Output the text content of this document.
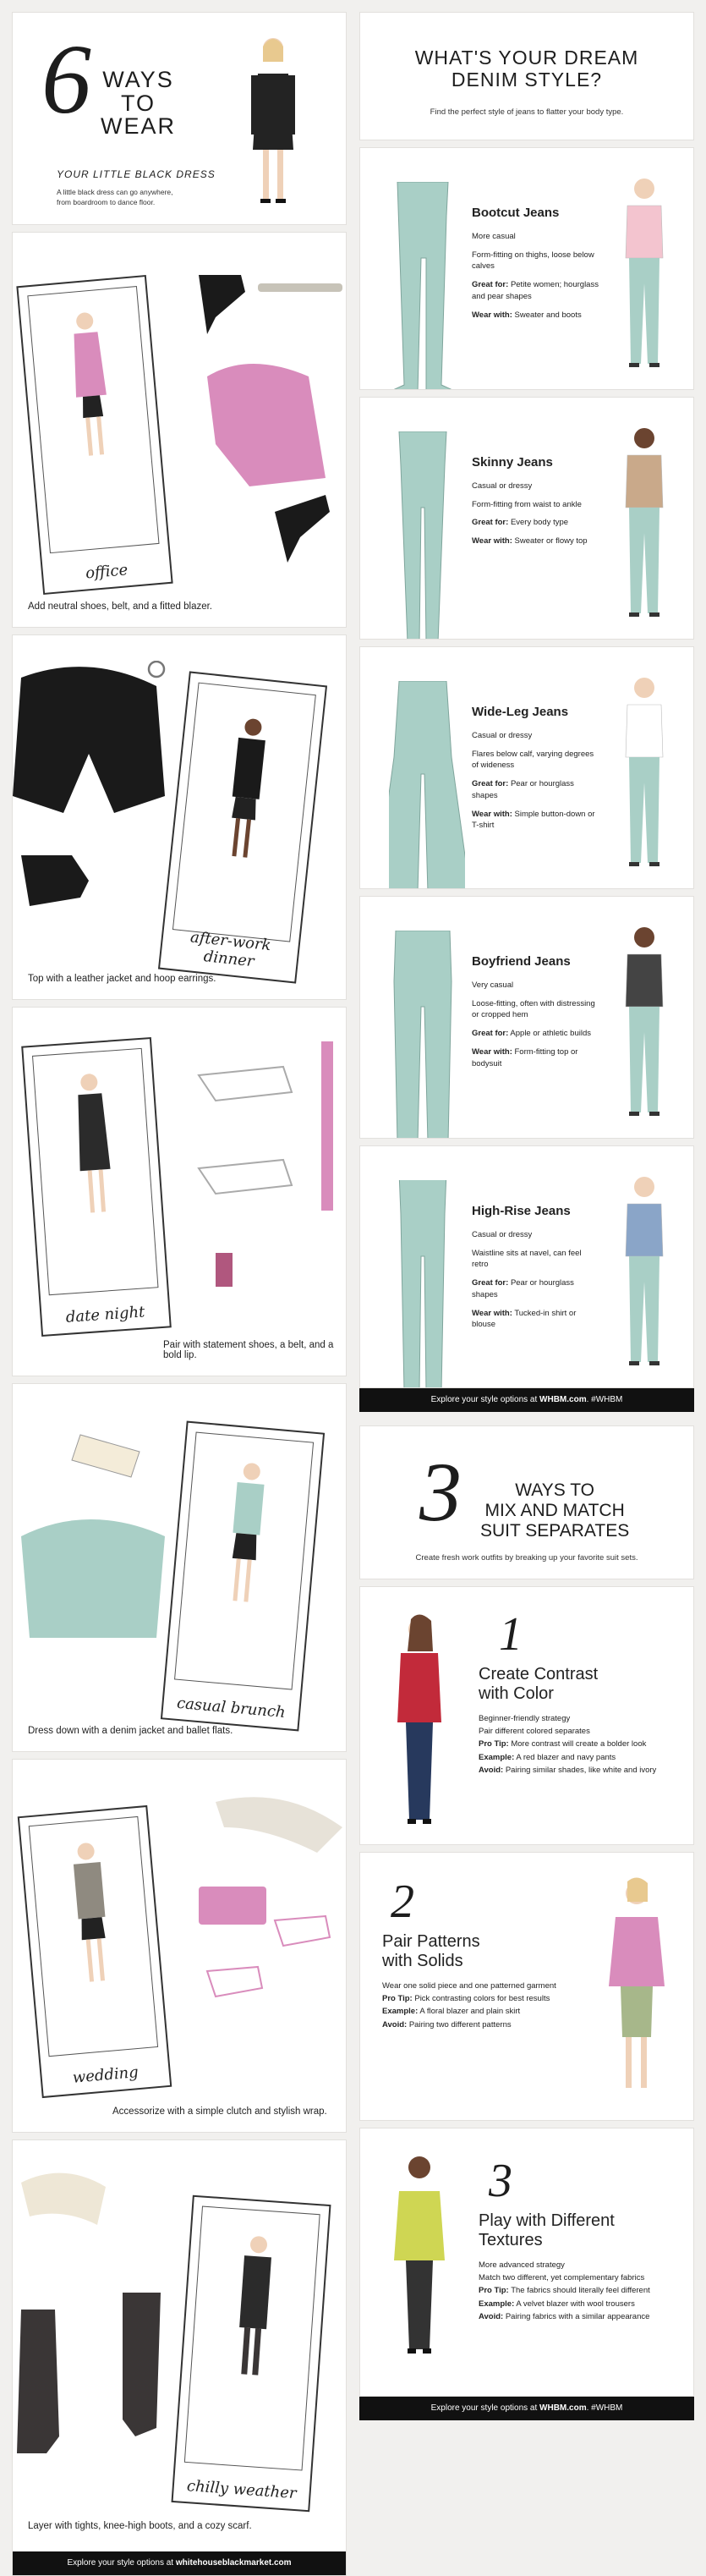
6 WAYS
TO
WEAR
YOUR LITTLE BLACK DRESS
A little black dress can go anywhere, from boardroom to dance floor.
office
Add neutral shoes, belt, and a fitted blazer.
after-work dinner
Top with a leather jacket and hoop earrings.
date night
Pair with statement shoes, a belt, and a bold lip.
casual brunch
Dress down with a denim jacket and ballet flats.
wedding
Accessorize with a simple clutch and stylish wrap.
chilly weather
Layer with tights, knee-high boots, and a cozy scarf.
Explore your style options at whitehouseblackmarket.com
WHAT'S YOUR DREAM
DENIM STYLE?
Find the perfect style of jeans to flatter your body type.
Bootcut Jeans

More casual

Form-fitting on thighs, loose below calves

Great for: Petite women; hourglass and pear shapes

Wear with: Sweater and boots

Skinny Jeans

Casual or dressy

Form-fitting from waist to ankle

Great for: Every body type

Wear with: Sweater or flowy top

Wide-Leg Jeans

Casual or dressy

Flares below calf, varying degrees of wideness

Great for: Pear or hourglass shapes

Wear with: Simple button-down or T-shirt

Boyfriend Jeans

Very casual

Loose-fitting, often with distressing or cropped hem

Great for: Apple or athletic builds

Wear with: Form-fitting top or bodysuit

High-Rise Jeans

Casual or dressy

Waistline sits at navel, can feel retro

Great for: Pear or hourglass shapes

Wear with: Tucked-in shirt or blouse

Explore your style options at WHBM.com. #WHBM
3	WAYS TO
MIX AND MATCH
SUIT SEPARATES
Create fresh work outfits by breaking up your favorite suit sets.
1
Create Contrast
with Color

Beginner-friendly strategy

Pair different colored separates

Pro Tip: More contrast will create a bolder look

Example: A red blazer and navy pants

Avoid: Pairing similar shades, like white and ivory

2
Pair Patterns
with Solids

Wear one solid piece and one patterned garment

Pro Tip: Pick contrasting colors for best results

Example: A floral blazer and plain skirt

Avoid: Pairing two different patterns

3
Play with Different
Textures

More advanced strategy

Match two different, yet complementary fabrics

Pro Tip: The fabrics should literally feel different

Example: A velvet blazer with wool trousers

Avoid: Pairing fabrics with a similar appearance

Explore your style options at WHBM.com. #WHBM
